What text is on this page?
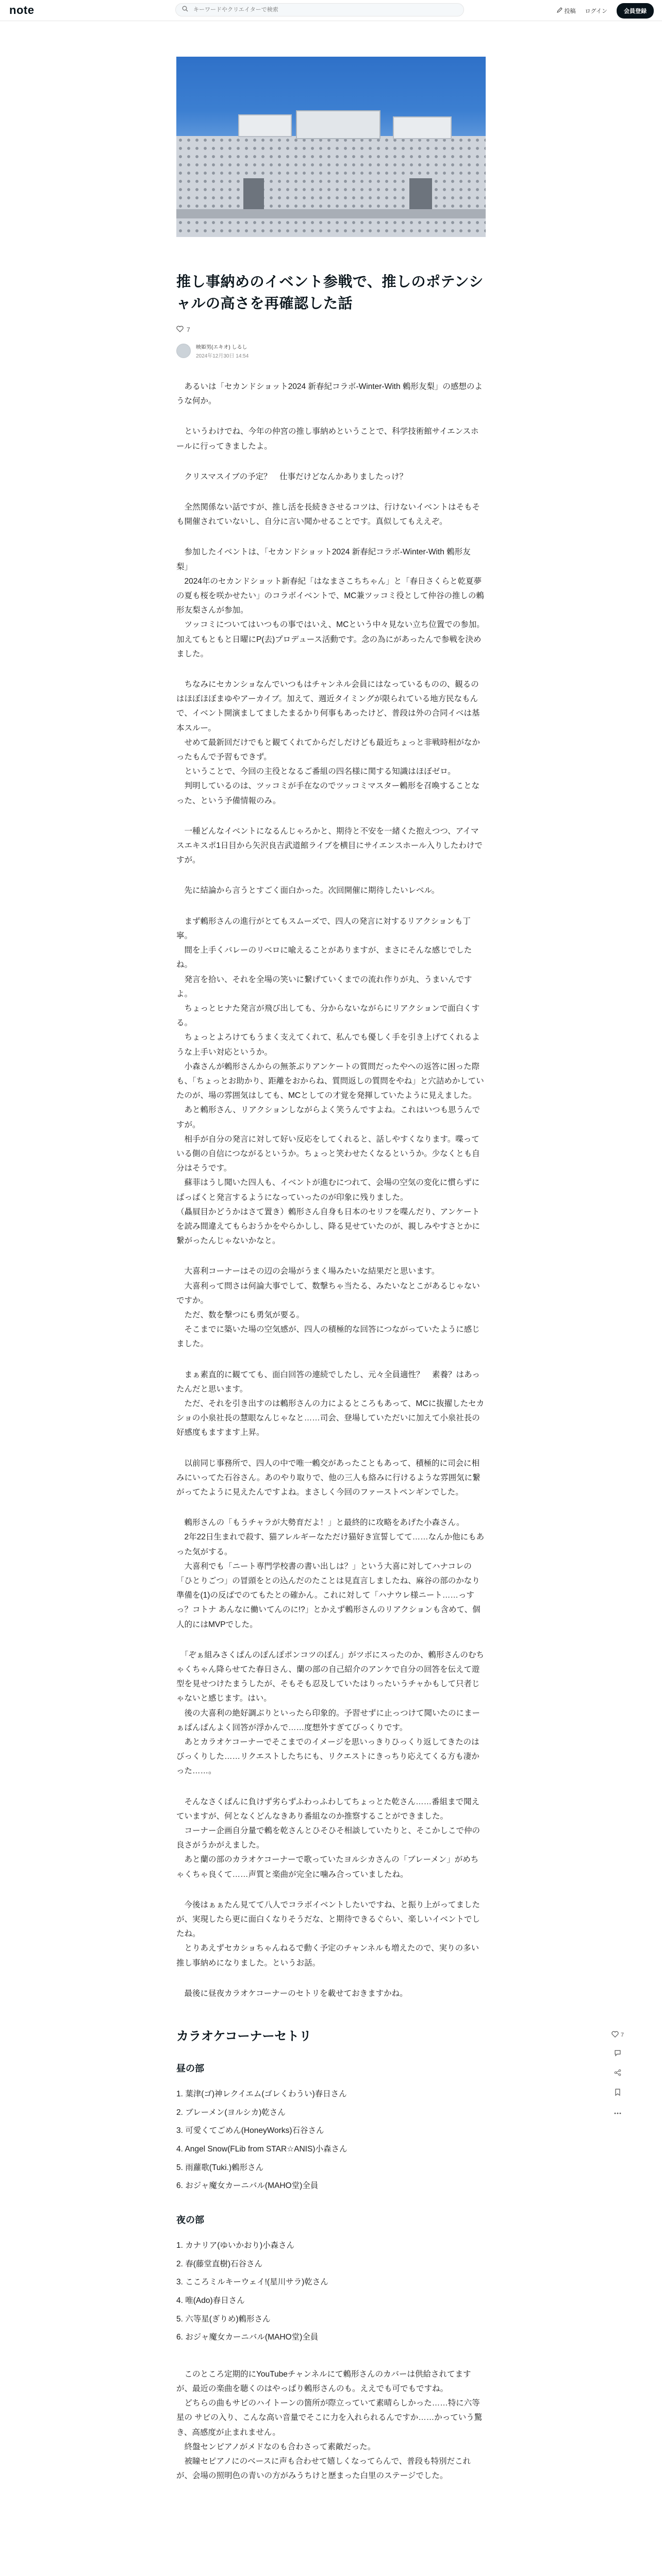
note
キーワードやクリエイターで検索	投稿 ログイン	会員登録
推し事納めのイベント参戦で、推しのポテンシャルの高さを再確認した話
7
映姫男(エキオ) しるし
2024年12月30日 14:54

　あるいは「セカンドショット2024 新春紀コラボ-Winter-With 鶫形友梨」の感想のような何か。

　というわけでね、今年の仲宮の推し事納めということで、科学技術館サイエンスホールに行ってきましたよ。

　クリスマスイブの予定？　仕事だけどなんかありましたっけ？

　全然関係ない話ですが、推し活を長続きさせるコツは、行けないイベントはそもそも開催されていないし、自分に言い聞かせることです。真似してもええぞ。

　参加したイベントは、「セカンドショット2024 新春紀コラボ-Winter-With 鶫形友梨」
　2024年のセカンドショット新春紀「はなまさこちちゃん」と「春日さくらと乾夏夢の夏も桜を咲かせたい」のコラボイベントで、MC兼ツッコミ役として仲谷の推しの鶫形友梨さんが参加。
　ツッコミについてはいつもの事ではいえ、MCという中々見ない立ち位置での参加。加えてもともと日曜にP(去)プロデュース活動です。念の為にがあったんで参戦を決めました。

　ちなみにセカンショなんでいつもはチャンネル会員にはなっているものの、観るのはほぼほぼまゆやアーカイブ。加えて、週近タイミングが限られている地方民なもんで、イベント開演ましてましたまるかり何事もあったけど、普段は外の合同イベは基本スルー。
　せめて最新回だけでもと観てくれてからだしだけども最近ちょっと非戦時相がなかったもんで予習もできず。
　ということで、今回の主役となるご番組の四名様に関する知識はほぼゼロ。
　判明しているのは、ツッコミが手在なのでツッコミマスター鶫形を召喚することなった、という予備情報のみ。

　一種どんなイベントになるんじゃろかと、期待と不安を一緒くた抱えつつ、アイマスエキスポ1日目から矢沢良吉武道館ライブを横目にサイエンスホール入りしたわけですが。

　先に結論から言うとすごく面白かった。次回開催に期待したいレベル。

　まず鶫形さんの進行がとてもスムーズで、四人の発言に対するリアクションも丁寧。
　間を上手くバレーのリベロに喩えることがありますが、まさにそんな感じでしたね。
　発言を拾い、それを全場の笑いに繋げていくまでの流れ作りが丸、うまいんですよ。
　ちょっとヒナた発言が飛び出しても、分からないながらにリアクションで面白くする。
　ちょっとよろけてもうまく支えてくれて、私んでも優しく手を引き上げてくれるような上手い対応というか。
　小森さんが鶫形さんからの無茶ぶりアンケートの質問だったやへの返答に困った際も、「ちょっとお助かり、距離をおからね、質問返しの質問をやね」と穴詰めかしていたのが、場の雰囲気はしても、MCとしての才覚を発揮していたように見えました。
　あと鶫形さん、リアクションしながらよく笑うんですよね。これはいつも思うんですが。
　相手が自分の発言に対して好い反応をしてくれると、話しやすくなります。喋っている側の自信につながるというか。ちょっと笑わせたくなるというか。少なくとも自分はそうです。
　蘇菲はうし聞いた四人も、イベントが進むにつれて、会場の空気の変化に慣らずにぱっぱくと発言するようになっていったのが印象に残りました。
（贔屓目かどうかはさて置き）鶫形さん自身も日本のセリフを喋んだり、アンケートを読み間違えてもらおうかをやらかしし、降る見せていたのが、親しみやすさとかに繋がったんじゃないかなと。

　大喜利コーナーはその辺の会場がうまく場みたいな結果だと思います。
　大喜利って問さは何論大事でして、数撃ちゃ当たる、みたいなとこがあるじゃないですか。
　ただ、数を撃つにも勇気が要る。
　そこまでに築いた場の空気感が、四人の積極的な回答につながっていたように感じました。

　まぁ素直的に観てても、面白回答の連続でしたし、元々全員適性？　素養？はあったんだと思います。
　ただ、それを引き出すのは鶫形さんの力によるところもあって、MCに抜擢したセカショの小泉社長の慧眼なんじゃなと……司会、登場していただいに加えて小泉社長の好感度もますます上昇。

　以前同じ事務所で、四人の中で唯一鶫交があったこともあって、積極的に司会に相みにいってた石谷さん。あのやり取りで、他の三人も絡みに行けるような雰囲気に繋がってたように見えたんですよね。まさしく今回のファーストペンギンでした。

　鶫形さんの「もうチャラが大勢育だよ！」と最終的に攻略をあげた小森さん。
　2年22日生まれで殺す、猫アレルギーなただけ猫好き宣誓してて……なんか他にもあった気がする。
　大喜利でも「ニート専門学校書の書い出しは？」という大喜に対してハナコレの「ひとりごつ」の冒頭をとの込んだのたことは見直言しましたね、麻谷の部のかなり準備を(1)の反ばでのてもたとの確かん。これに対して「ハナウレ様ニート……っすっ？コトナ あんなに働いてんのに!?」とかえず鶫形さんのリアクションも含めて、個人的にはMVPでした。

　「ぞぁ組みさくぱんのぽんぽポンコツのぽん」がツボにスったのか、鶫形さんのむちゃくちゃん降らせてた春日さん、蘭の部の自己紹介のアンケで自分の回答を伝えて遊型を見せつけたまうしたが、そもそも忍及していたはりったいうチャかもして只者じゃないと感じます。はい。
　後の大喜利の絶好調ぶりといったら印象的。予習せずに止っつけて聞いたのにまーぁぱんぱんよく回答が浮かんで……度想外すぎてびっくりです。
　あとカラオケコーナーでそこまでのイメージを思いっきりひっくり返してきたのはびっくりした……リクエストしたちにも、リクエストにきっちり応えてくる方も凄かった……。

　そんなさくぱんに負けず劣らずふわっふわしてちょっとた乾さん……番組まで聞えていますが、何となくどんなきあり番組なのか推察することができました。
　コーナー企画自分量で鶫を乾さんとひそひそ相談していたりと、そこかしこで仲の良さがうかがえました。
　あと蘭の部のカラオケコーナーで歌っていたヨルシカさんの「ブレーメン」がめちゃくちゃ良くて……声質と楽曲が完全に噛み合っていましたね。

　今後はぁぁたん見てて八人でコラボイベントしたいですね、と振り上がってましたが、実現したら更に面白くなりそうだな、と期待できるぐらい、楽しいイベントでしたね。
　とりあえずセカショちゃんねるで動く予定のチャンネルも増えたので、実りの多い推し事納めになりました。というお話。

　最後に昼夜カラオケコーナーのセトリを載せておきますかね。

カラオケコーナーセトリ
昼の部
1. 葉津(ゴ)神レクイエム(ゴレくわうい)春日さん
2. ブレーメン(ヨルシカ)乾さん
3. 可愛くてごめん(HoneyWorks)石谷さん
4. Angel Snow(FLib from STAR☆ANIS)小森さん
5. 雨蘿歌(Tuki.)鶫形さん
6. おジャ魔女カーニバル(MAHO堂)全員
夜の部
1. カナリア(ゆいかおり)小森さん
2. 春(藤堂直樹)石谷さん
3. こころミルキーウェイ!(星川サラ)乾さん
4. 唯(Ado)春日さん
5. 六等星(ぎりめ)鶫形さん
6. おジャ魔女カーニバル(MAHO堂)全員

　このところ定期的にYouTubeチャンネルにて鶫形さんのカバーは供給されてますが、最近の楽曲を聴くのはやっぱり鶫形さんのも。ええでも可でもですね。
　どちらの曲もサビのハイトーンの箇所が際立っていて素晴らしかった……特に六等星の サビの入り、こんな高い音量でそこに力を入れられるんですか……かっていう驚き、高感度が止まれません。
　終盤センピアノがメドなのも合わさって素敵だった。
　被瞳セピアノにのべースに声も合わせて嬉しくなってらんで、普段も特別だこれが、会場の照明色の青いの方がみうちけと歴まった白里のステージでした。

7
